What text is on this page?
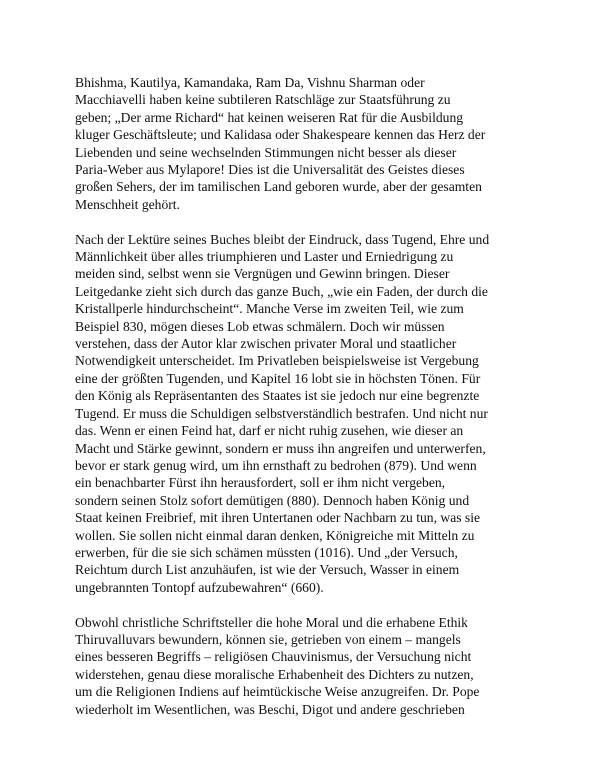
Bhishma, Kautilya, Kamandaka, Ram Da, Vishnu Sharman oder
Macchiavelli haben keine subtileren Ratschläge zur Staatsführung zu
geben; „Der arme Richard“ hat keinen weiseren Rat für die Ausbildung
kluger Geschäftsleute; und Kalidasa oder Shakespeare kennen das Herz der
Liebenden und seine wechselnden Stimmungen nicht besser als dieser
Paria-Weber aus Mylapore! Dies ist die Universalität des Geistes dieses
großen Sehers, der im tamilischen Land geboren wurde, aber der gesamten
Menschheit gehört.

Nach der Lektüre seines Buches bleibt der Eindruck, dass Tugend, Ehre und
Männlichkeit über alles triumphieren und Laster und Erniedrigung zu
meiden sind, selbst wenn sie Vergnügen und Gewinn bringen. Dieser
Leitgedanke zieht sich durch das ganze Buch, „wie ein Faden, der durch die
Kristallperle hindurchscheint“. Manche Verse im zweiten Teil, wie zum
Beispiel 830, mögen dieses Lob etwas schmälern. Doch wir müssen
verstehen, dass der Autor klar zwischen privater Moral und staatlicher
Notwendigkeit unterscheidet. Im Privatleben beispielsweise ist Vergebung
eine der größten Tugenden, und Kapitel 16 lobt sie in höchsten Tönen. Für
den König als Repräsentanten des Staates ist sie jedoch nur eine begrenzte
Tugend. Er muss die Schuldigen selbstverständlich bestrafen. Und nicht nur
das. Wenn er einen Feind hat, darf er nicht ruhig zusehen, wie dieser an
Macht und Stärke gewinnt, sondern er muss ihn angreifen und unterwerfen,
bevor er stark genug wird, um ihn ernsthaft zu bedrohen (879). Und wenn
ein benachbarter Fürst ihn herausfordert, soll er ihm nicht vergeben,
sondern seinen Stolz sofort demütigen (880). Dennoch haben König und
Staat keinen Freibrief, mit ihren Untertanen oder Nachbarn zu tun, was sie
wollen. Sie sollen nicht einmal daran denken, Königreiche mit Mitteln zu
erwerben, für die sie sich schämen müssten (1016). Und „der Versuch,
Reichtum durch List anzuhäufen, ist wie der Versuch, Wasser in einem
ungebrannten Tontopf aufzubewahren“ (660).

Obwohl christliche Schriftsteller die hohe Moral und die erhabene Ethik
Thiruvalluvars bewundern, können sie, getrieben von einem – mangels
eines besseren Begriffs – religiösen Chauvinismus, der Versuchung nicht
widerstehen, genau diese moralische Erhabenheit des Dichters zu nutzen,
um die Religionen Indiens auf heimtückische Weise anzugreifen. Dr. Pope
wiederholt im Wesentlichen, was Beschi, Digot und andere geschrieben
